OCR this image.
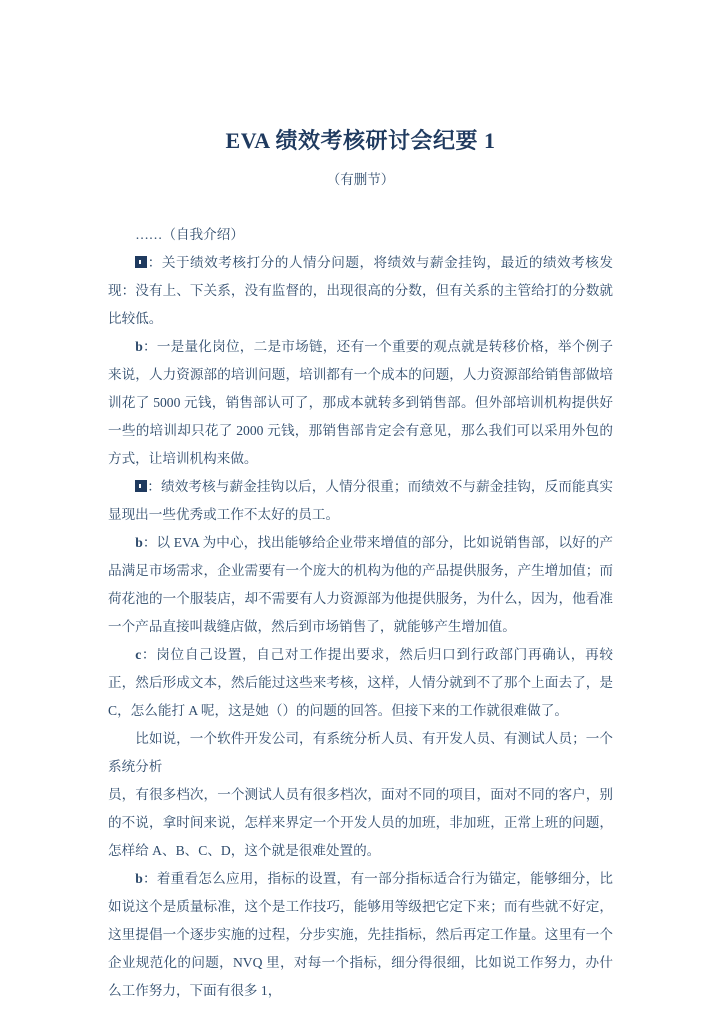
EVA 绩效考核研讨会纪要 1
（有删节）

……（自我介绍）

：关于绩效考核打分的人情分问题，将绩效与薪金挂钩，最近的绩效考核发现：没有上、下关系，没有监督的，出现很高的分数，但有关系的主管给打的分数就比较低。

b：一是量化岗位，二是市场链，还有一个重要的观点就是转移价格，举个例子来说，人力资源部的培训问题，培训都有一个成本的问题，人力资源部给销售部做培训花了 5000 元钱，销售部认可了，那成本就转多到销售部。但外部培训机构提供好一些的培训却只花了 2000 元钱，那销售部肯定会有意见，那么我们可以采用外包的方式，让培训机构来做。

：绩效考核与薪金挂钩以后，人情分很重；而绩效不与薪金挂钩，反而能真实显现出一些优秀或工作不太好的员工。

b：以 EVA 为中心，找出能够给企业带来增值的部分，比如说销售部，以好的产品满足市场需求，企业需要有一个庞大的机构为他的产品提供服务，产生增加值；而荷花池的一个服装店，却不需要有人力资源部为他提供服务，为什么，因为，他看准一个产品直接叫裁缝店做，然后到市场销售了，就能够产生增加值。

c：岗位自己设置，自己对工作提出要求，然后归口到行政部门再确认，再较正，然后形成文本，然后能过这些来考核，这样，人情分就到不了那个上面去了，是 C，怎么能打 A 呢，这是她（）的问题的回答。但接下来的工作就很难做了。

比如说，一个软件开发公司，有系统分析人员、有开发人员、有测试人员；一个系统分析

员，有很多档次，一个测试人员有很多档次，面对不同的项目，面对不同的客户，别的不说，拿时间来说，怎样来界定一个开发人员的加班，非加班，正常上班的问题，怎样给 A、B、C、D，这个就是很难处置的。

b：着重看怎么应用，指标的设置，有一部分指标适合行为锚定，能够细分，比如说这个是质量标准，这个是工作技巧，能够用等级把它定下来；而有些就不好定，这里提倡一个逐步实施的过程，分步实施，先挂指标，然后再定工作量。这里有一个企业规范化的问题，NVQ 里，对每一个指标，细分得很细，比如说工作努力，办什么工作努力，下面有很多 1，
